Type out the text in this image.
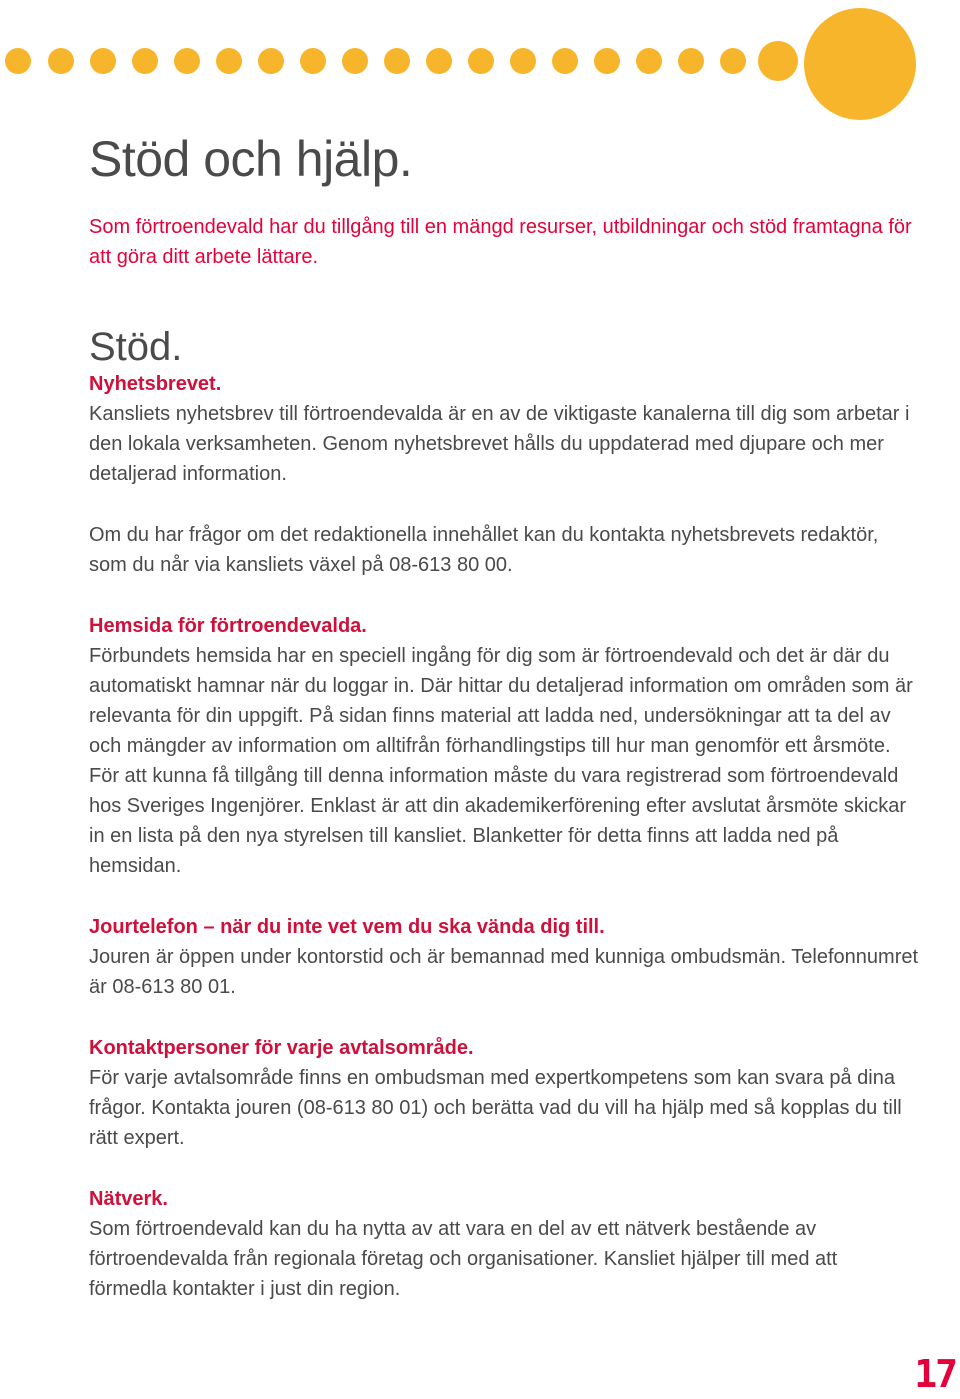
Stöd och hjälp.

Som förtroendevald har du tillgång till en mängd resurser, utbildningar och stöd framtagna för att göra ditt arbete lättare.

Stöd.
Nyhetsbrevet.

Kansliets nyhetsbrev till förtroendevalda är en av de viktigaste kanalerna till dig som arbetar i den lokala verksamheten. Genom nyhetsbrevet hålls du uppdaterad med djupare och mer detaljerad information.

Om du har frågor om det redaktionella innehållet kan du kontakta nyhetsbrevets redaktör, som du når via kansliets växel på 08-613 80 00.

Hemsida för förtroendevalda.

Förbundets hemsida har en speciell ingång för dig som är förtroendevald och det är där du automatiskt hamnar när du loggar in. Där hittar du detaljerad information om områden som är relevanta för din uppgift. På sidan finns material att ladda ned, undersökningar att ta del av och mängder av information om alltifrån förhandlingstips till hur man genomför ett årsmöte. För att kunna få tillgång till denna information måste du vara registrerad som förtroendevald hos Sveriges Ingenjörer. Enklast är att din akademikerförening efter avslutat årsmöte skickar in en lista på den nya styrelsen till kansliet. Blanketter för detta finns att ladda ned på hemsidan.

Jourtelefon – när du inte vet vem du ska vända dig till.

Jouren är öppen under kontorstid och är bemannad med kunniga ombudsmän. Telefonnumret är 08-613 80 01.

Kontaktpersoner för varje avtalsområde.

För varje avtalsområde finns en ombudsman med expertkompetens som kan svara på dina frågor. Kontakta jouren (08-613 80 01) och berätta vad du vill ha hjälp med så kopplas du till rätt expert.

Nätverk.

Som förtroendevald kan du ha nytta av att vara en del av ett nätverk bestående av förtroendevalda från regionala företag och organisationer. Kansliet hjälper till med att förmedla kontakter i just din region.

17
